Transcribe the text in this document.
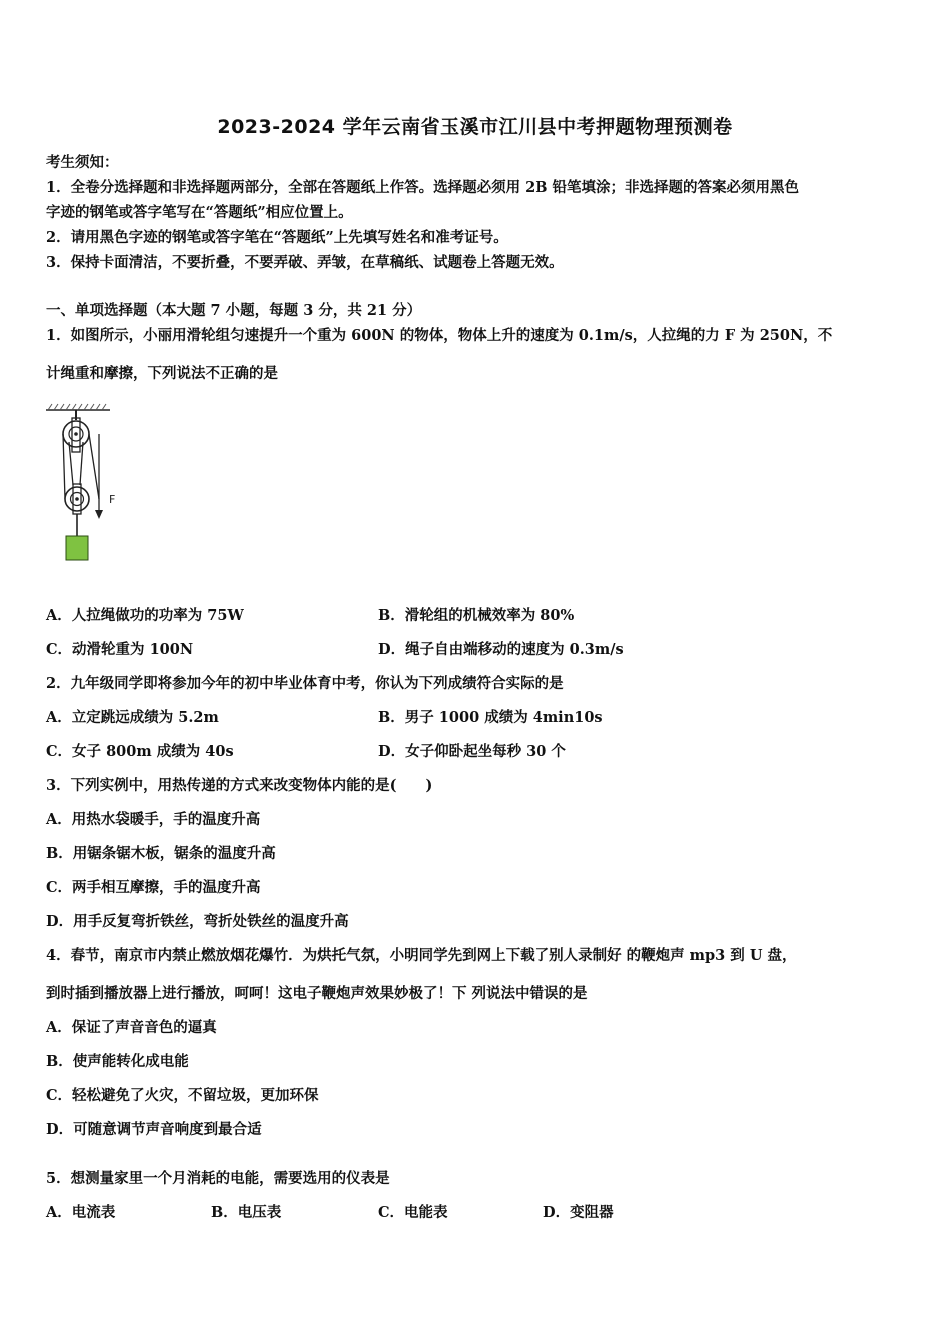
2023-2024 学年云南省玉溪市江川县中考押题物理预测卷
考生须知：
1．全卷分选择题和非选择题两部分，全部在答题纸上作答。选择题必须用 2B 铅笔填涂；非选择题的答案必须用黑色
字迹的钢笔或答字笔写在“答题纸”相应位置上。
2．请用黑色字迹的钢笔或答字笔在“答题纸”上先填写姓名和准考证号。
3．保持卡面清洁，不要折叠，不要弄破、弄皱，在草稿纸、试题卷上答题无效。
一、单项选择题（本大题 7 小题，每题 3 分，共 21 分）
1．如图所示，小丽用滑轮组匀速提升一个重为 600N 的物体，物体上升的速度为 0.1m/s，人拉绳的力 F 为 250N，不
计绳重和摩擦，下列说法不正确的是
F
A．人拉绳做功的功率为 75W	B．滑轮组的机械效率为 80%
C．动滑轮重为 100N	D．绳子自由端移动的速度为 0.3m/s
2．九年级同学即将参加今年的初中毕业体育中考，你认为下列成绩符合实际的是
A．立定跳远成绩为 5.2m	B．男子 1000 成绩为 4min10s
C．女子 800m 成绩为 40s	D．女子仰卧起坐每秒 30 个
3．下列实例中，用热传递的方式来改变物体内能的是(　　)
A．用热水袋暖手，手的温度升高
B．用锯条锯木板，锯条的温度升高
C．两手相互摩擦，手的温度升高
D．用手反复弯折铁丝，弯折处铁丝的温度升高
4．春节，南京市内禁止燃放烟花爆竹．为烘托气氛，小明同学先到网上下载了别人录制好 的鞭炮声 mp3 到 U 盘，
到时插到播放器上进行播放，呵呵！这电子鞭炮声效果妙极了！下 列说法中错误的是
A．保证了声音音色的逼真
B．使声能转化成电能
C．轻松避免了火灾，不留垃圾，更加环保
D．可随意调节声音响度到最合适
5．想测量家里一个月消耗的电能，需要选用的仪表是
A．电流表	B．电压表	C．电能表	D．变阻器
